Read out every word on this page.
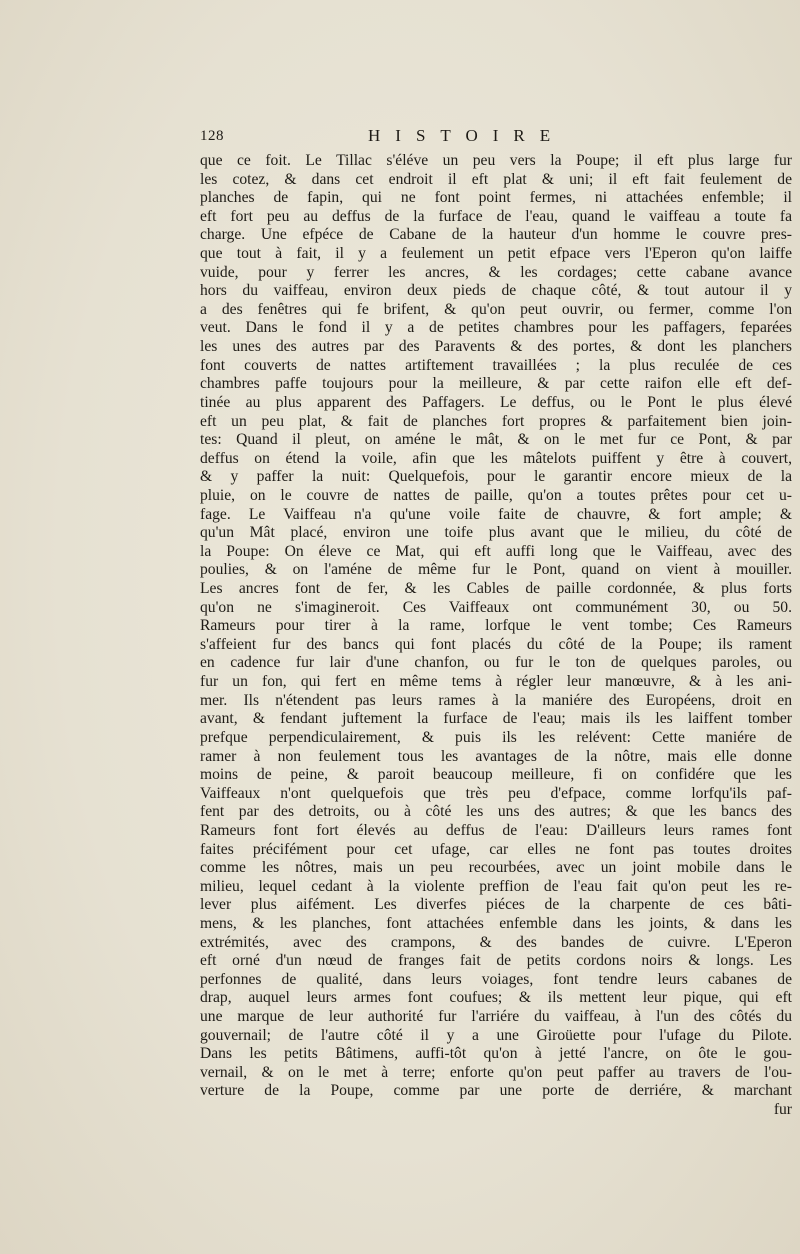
128	HISTOIRE
que ce foit. Le Tillac s'éléve un peu vers la Poupe; il eft plus large fur
les cotez, & dans cet endroit il eft plat & uni; il eft fait feulement de
planches de fapin, qui ne font point fermes, ni attachées enfemble; il
eft fort peu au deffus de la furface de l'eau, quand le vaiffeau a toute fa
charge. Une efpéce de Cabane de la hauteur d'un homme le couvre pres-
que tout à fait, il y a feulement un petit efpace vers l'Eperon qu'on laiffe
vuide, pour y ferrer les ancres, & les cordages; cette cabane avance
hors du vaiffeau, environ deux pieds de chaque côté, & tout autour il y
a des fenêtres qui fe brifent, & qu'on peut ouvrir, ou fermer, comme l'on
veut. Dans le fond il y a de petites chambres pour les paffagers, feparées
les unes des autres par des Paravents & des portes, & dont les planchers
font couverts de nattes artiftement travaillées ; la plus reculée de ces
chambres paffe toujours pour la meilleure, & par cette raifon elle eft def-
tinée au plus apparent des Paffagers. Le deffus, ou le Pont le plus élevé
eft un peu plat, & fait de planches fort propres & parfaitement bien join-
tes: Quand il pleut, on améne le mât, & on le met fur ce Pont, & par
deffus on étend la voile, afin que les mâtelots puiffent y être à couvert,
& y paffer la nuit: Quelquefois, pour le garantir encore mieux de la
pluie, on le couvre de nattes de paille, qu'on a toutes prêtes pour cet u-
fage. Le Vaiffeau n'a qu'une voile faite de chauvre, & fort ample; &
qu'un Mât placé, environ une toife plus avant que le milieu, du côté de
la Poupe: On éleve ce Mat, qui eft auffi long que le Vaiffeau, avec des
poulies, & on l'améne de même fur le Pont, quand on vient à mouiller.
Les ancres font de fer, & les Cables de paille cordonnée, & plus forts
qu'on ne s'imagineroit. Ces Vaiffeaux ont communément 30, ou 50.
Rameurs pour tirer à la rame, lorfque le vent tombe; Ces Rameurs
s'affeient fur des bancs qui font placés du côté de la Poupe; ils rament
en cadence fur lair d'une chanfon, ou fur le ton de quelques paroles, ou
fur un fon, qui fert en même tems à régler leur manœuvre, & à les ani-
mer. Ils n'étendent pas leurs rames à la maniére des Européens, droit en
avant, & fendant juftement la furface de l'eau; mais ils les laiffent tomber
prefque perpendiculairement, & puis ils les relévent: Cette maniére de
ramer à non feulement tous les avantages de la nôtre, mais elle donne
moins de peine, & paroit beaucoup meilleure, fi on confidére que les
Vaiffeaux n'ont quelquefois que très peu d'efpace, comme lorfqu'ils paf-
fent par des detroits, ou à côté les uns des autres; & que les bancs des
Rameurs font fort élevés au deffus de l'eau: D'ailleurs leurs rames font
faites précifément pour cet ufage, car elles ne font pas toutes droites
comme les nôtres, mais un peu recourbées, avec un joint mobile dans le
milieu, lequel cedant à la violente preffion de l'eau fait qu'on peut les re-
lever plus aifément. Les diverfes piéces de la charpente de ces bâti-
mens, & les planches, font attachées enfemble dans les joints, & dans les
extrémités, avec des crampons, & des bandes de cuivre. L'Eperon
eft orné d'un nœud de franges fait de petits cordons noirs & longs. Les
perfonnes de qualité, dans leurs voiages, font tendre leurs cabanes de
drap, auquel leurs armes font coufues; & ils mettent leur pique, qui eft
une marque de leur authorité fur l'arriére du vaiffeau, à l'un des côtés du
gouvernail; de l'autre côté il y a une Giroüette pour l'ufage du Pilote.
Dans les petits Bâtimens, auffi-tôt qu'on à jetté l'ancre, on ôte le gou-
vernail, & on le met à terre; enforte qu'on peut paffer au travers de l'ou-
verture de la Poupe, comme par une porte de derriére, & marchant
fur
